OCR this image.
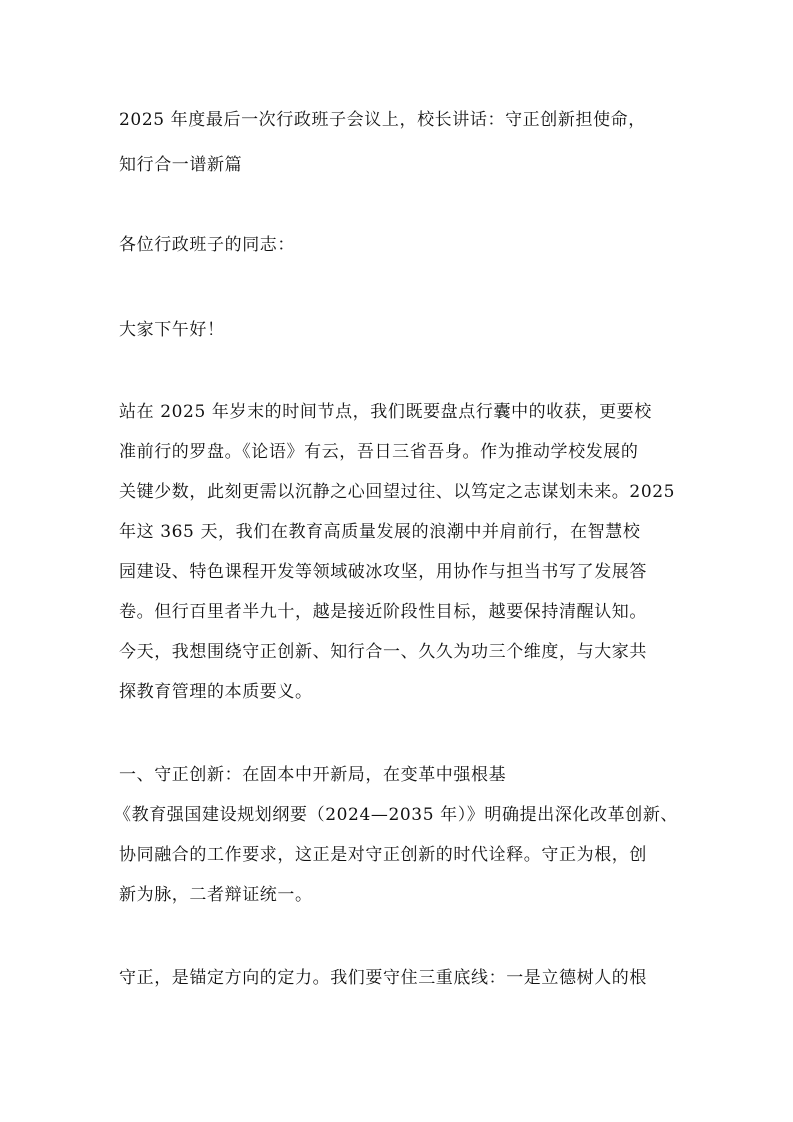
2025 年度最后一次行政班子会议上，校长讲话：守正创新担使命，
知行合一谱新篇
各位行政班子的同志：
大家下午好！
站在 2025 年岁末的时间节点，我们既要盘点行囊中的收获，更要校
准前行的罗盘。《论语》有云，吾日三省吾身。作为推动学校发展的
关键少数，此刻更需以沉静之心回望过往、以笃定之志谋划未来。2025
年这 365 天，我们在教育高质量发展的浪潮中并肩前行，在智慧校
园建设、特色课程开发等领域破冰攻坚，用协作与担当书写了发展答
卷。但行百里者半九十，越是接近阶段性目标，越要保持清醒认知。
今天，我想围绕守正创新、知行合一、久久为功三个维度，与大家共
探教育管理的本质要义。
一、守正创新：在固本中开新局，在变革中强根基
《教育强国建设规划纲要（2024—2035 年）》明确提出深化改革创新、
协同融合的工作要求，这正是对守正创新的时代诠释。守正为根，创
新为脉，二者辩证统一。
守正，是锚定方向的定力。我们要守住三重底线：一是立德树人的根
